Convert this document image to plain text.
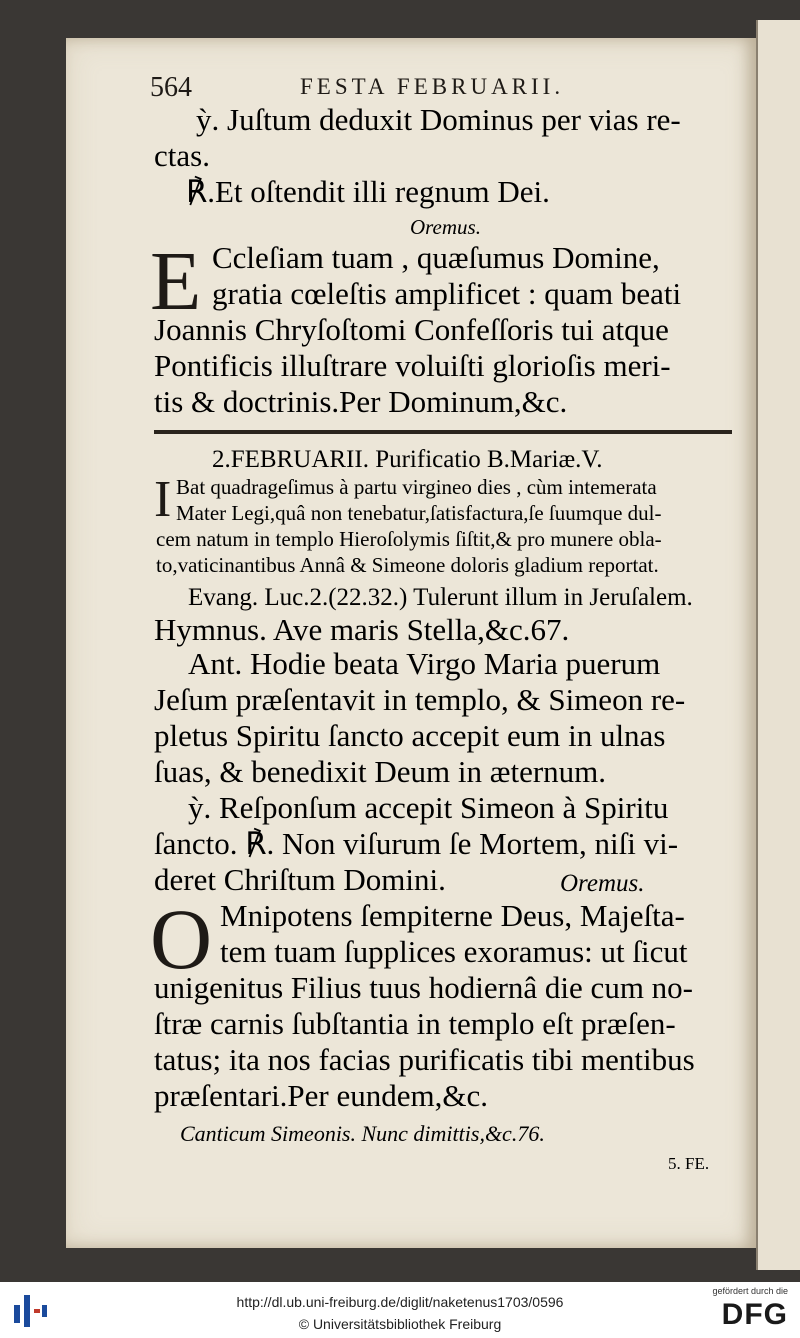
564	FESTA FEBRUARII.
ỳ. Juſtum deduxit Dominus per vias re-
ctas.
℟.Et oſtendit illi regnum Dei.
Oremus.
E Ccleſiam tuam , quæſumus Domine,
gratia cœleſtis amplificet : quam beati
Joannis Chryſoſtomi Confeſſoris tui atque
Pontificis illuſtrare voluiſti glorioſis meri-
tis & doctrinis.Per Dominum,&c.
2.FEBRUARII. Purificatio B.Mariæ.V.
I Bat quadrageſimus à partu virgineo dies , cùm intemerata
Mater Legi,quâ non tenebatur,ſatisfactura,ſe ſuumque dul-
cem natum in templo Hieroſolymis ſiſtit,& pro munere obla-
to,vaticinantibus Annâ & Simeone doloris gladium reportat.
Evang. Luc.2.(22.32.) Tulerunt illum in Jeruſalem.
Hymnus. Ave maris Stella,&c.67.
Ant. Hodie beata Virgo Maria puerum
Jeſum præſentavit in templo, & Simeon re-
pletus Spiritu ſancto accepit eum in ulnas
ſuas, & benedixit Deum in æternum.
ỳ. Reſponſum accepit Simeon à Spiritu
ſancto. ℟. Non viſurum ſe Mortem, niſi vi-
deret Chriſtum Domini.	Oremus.
O Mnipotens ſempiterne Deus, Majeſta-
tem tuam ſupplices exoramus: ut ſicut
unigenitus Filius tuus hodiernâ die cum no-
ſtræ carnis ſubſtantia in templo eſt præſen-
tatus; ita nos facias purificatis tibi mentibus
præſentari.Per eundem,&c.
Canticum Simeonis. Nunc dimittis,&c.76.
5. FE.
http://dl.ub.uni-freiburg.de/diglit/naketenus1703/0596
© Universitätsbibliothek Freiburg
gefördert durch die
DFG
